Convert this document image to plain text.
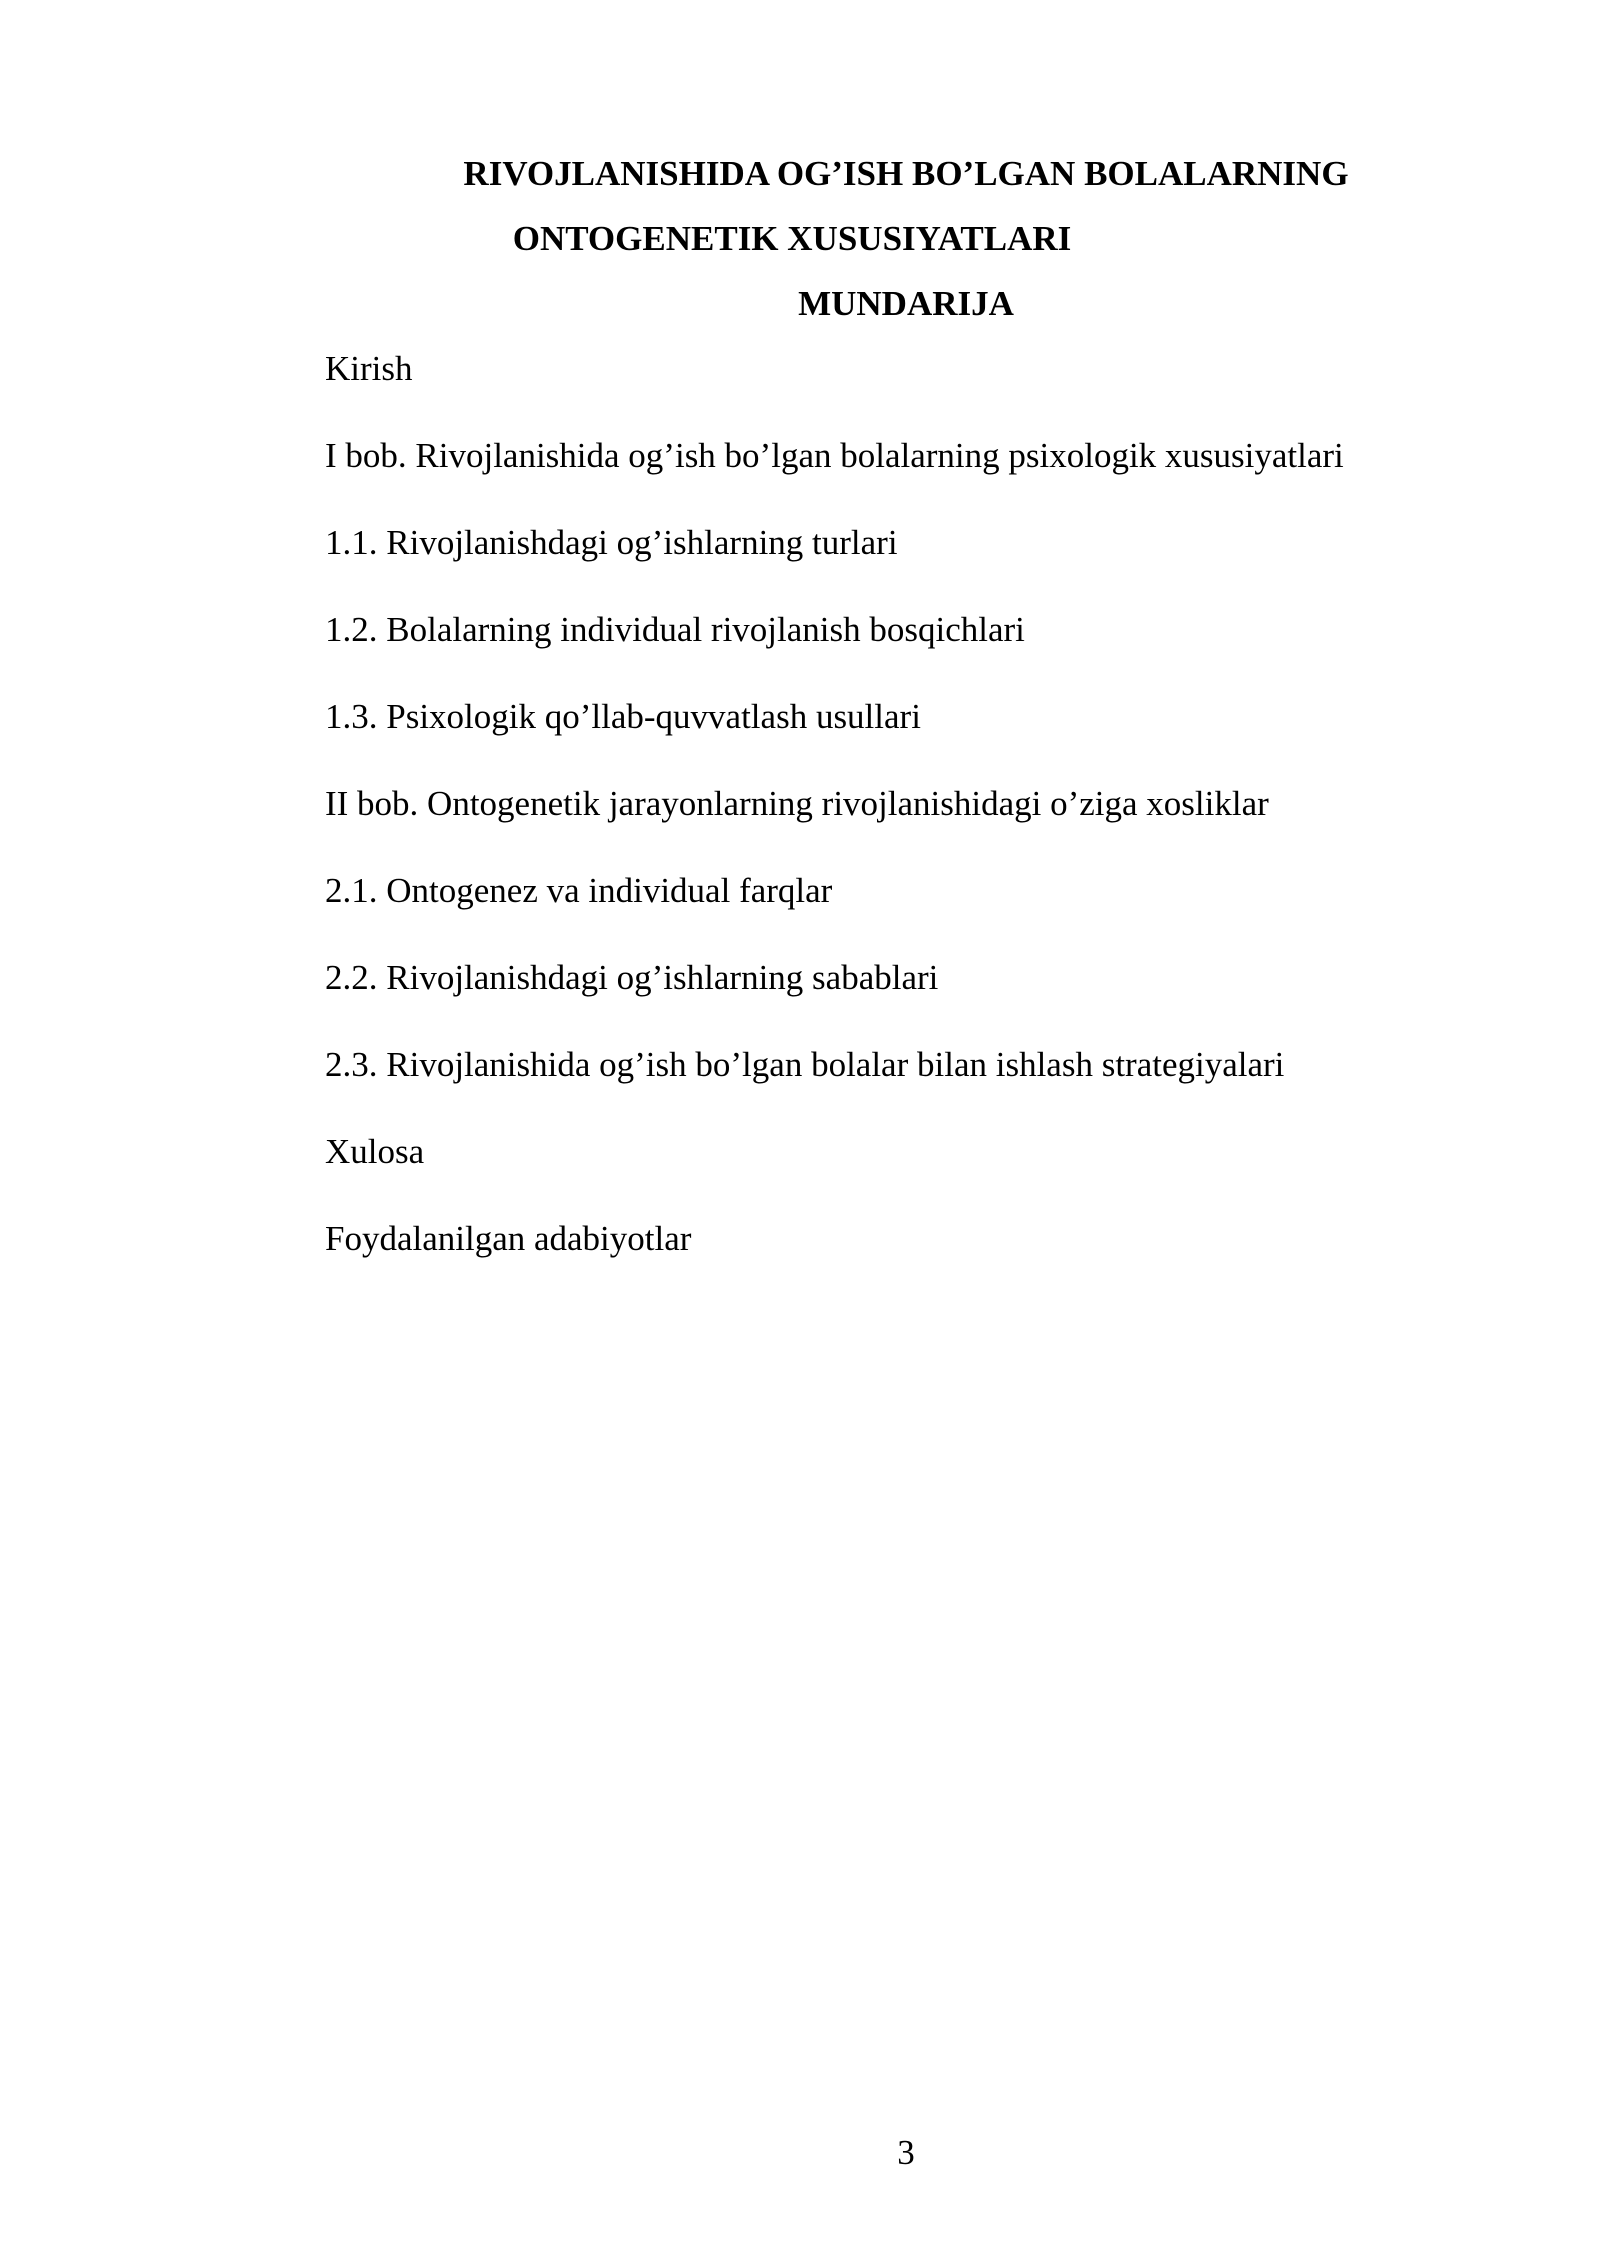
RIVOJLANISHIDA OG’ISH BO’LGAN BOLALARNING
ONTOGENETIK XUSUSIYATLARI
MUNDARIJA
Kirish
I bob. Rivojlanishida og’ish bo’lgan bolalarning psixologik xususiyatlari
1.1. Rivojlanishdagi og’ishlarning turlari
1.2. Bolalarning individual rivojlanish bosqichlari
1.3. Psixologik qo’llab-quvvatlash usullari
II bob. Ontogenetik jarayonlarning rivojlanishidagi o’ziga xosliklar
2.1. Ontogenez va individual farqlar
2.2. Rivojlanishdagi og’ishlarning sabablari
2.3. Rivojlanishida og’ish bo’lgan bolalar bilan ishlash strategiyalari
Xulosa
Foydalanilgan adabiyotlar
3
